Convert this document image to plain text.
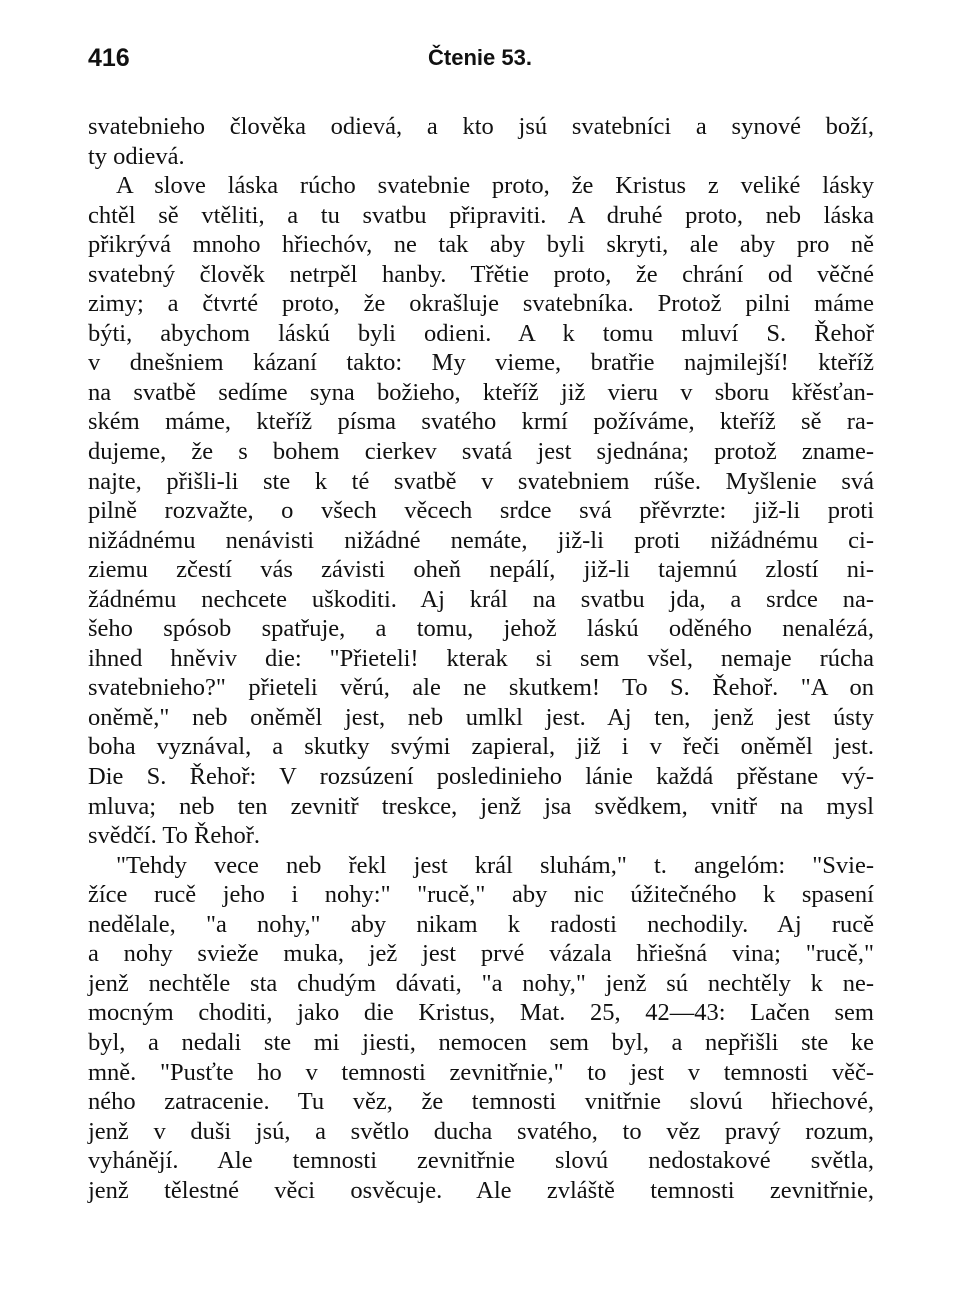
416	Čtenie 53.
svatebnieho člověka odievá, a kto jsú svatebníci a synové boží,
ty odievá.
A slove láska rúcho svatebnie proto, že Kristus z veliké lásky
chtěl sě vtěliti, a tu svatbu připraviti. A druhé proto, neb láska
přikrývá mnoho hřiechóv, ne tak aby byli skryti, ale aby pro ně
svatebný člověk netrpěl hanby. Třětie proto, že chrání od věčné
zimy; a čtvrté proto, že okrašluje svatebníka. Protož pilni máme
býti, abychom láskú byli odieni. A k tomu mluví S. Řehoř
v dnešniem kázaní takto: My vieme, bratřie najmilejší! kteříž
na svatbě sedíme syna božieho, kteříž již vieru v sboru křěsťan-
ském máme, kteříž písma svatého krmí požíváme, kteříž sě ra-
dujeme, že s bohem cierkev svatá jest sjednána; protož znamе-
najte, přišli-li ste k té svatbě v svatebniem rúše. Myšlenie svá
pilně rozvažte, o všech věcech srdce svá přěvrzte: již-li proti
nižádnému nenávisti nižádné nemáte, již-li proti nižádnému ci-
ziemu zčestí vás závisti oheň nepálí, již-li tajemnú zlostí ni-
žádnému nechcete uškoditi. Aj král na svatbu jda, a srdce na-
šeho spósob spatřuje, a tomu, jehož láskú oděného nenalézá,
ihned hněviv die: "Přieteli! kterak si sem všel, nemaje rúcha
svatebnieho?" přieteli věrú, ale ne skutkem! To S. Řehoř. "A on
oněmě," neb oněměl jest, neb umlkl jest. Aj ten, jenž jest ústy
boha vyznával, a skutky svými zapieral, již i v řeči oněměl jest.
Die S. Řehoř: V rozsúzení posledinieho lánie každá přěstane vý-
mluva; neb ten zevnitř treskce, jenž jsa svědkem, vnitř na mysl
svědčí. To Řehoř.
"Tehdy vece neb řekl jest král sluhám," t. angelóm: "Svie-
žíce rucě jeho i nohy:" "rucě," aby nic úžitečného k spasení
nedělale, "a nohy," aby nikam k radosti nechodily. Aj rucě
a nohy svieže muka, jež jest prvé vázala hřiešná vina; "rucě,"
jenž nechtěle sta chudým dávati, "a nohy," jenž sú nechtěly k ne-
mocným choditi, jako die Kristus, Mat. 25, 42—43: Lačen sem
byl, a nedali ste mi jiesti, nemocen sem byl, a nepřišli ste ke
mně. "Pusťte ho v temnosti zevnitřnie," to jest v temnosti věč-
ného zatracenie. Tu věz, že temnosti vnitřnie slovú hřiechové,
jenž v duši jsú, a světlo ducha svatého, to věz pravý rozum,
vyhánějí. Ale temnosti zevnitřnie slovú nedostakové světla,
jenž tělestné věci osvěcuje. Ale zvláště temnosti zevnitřnie,
